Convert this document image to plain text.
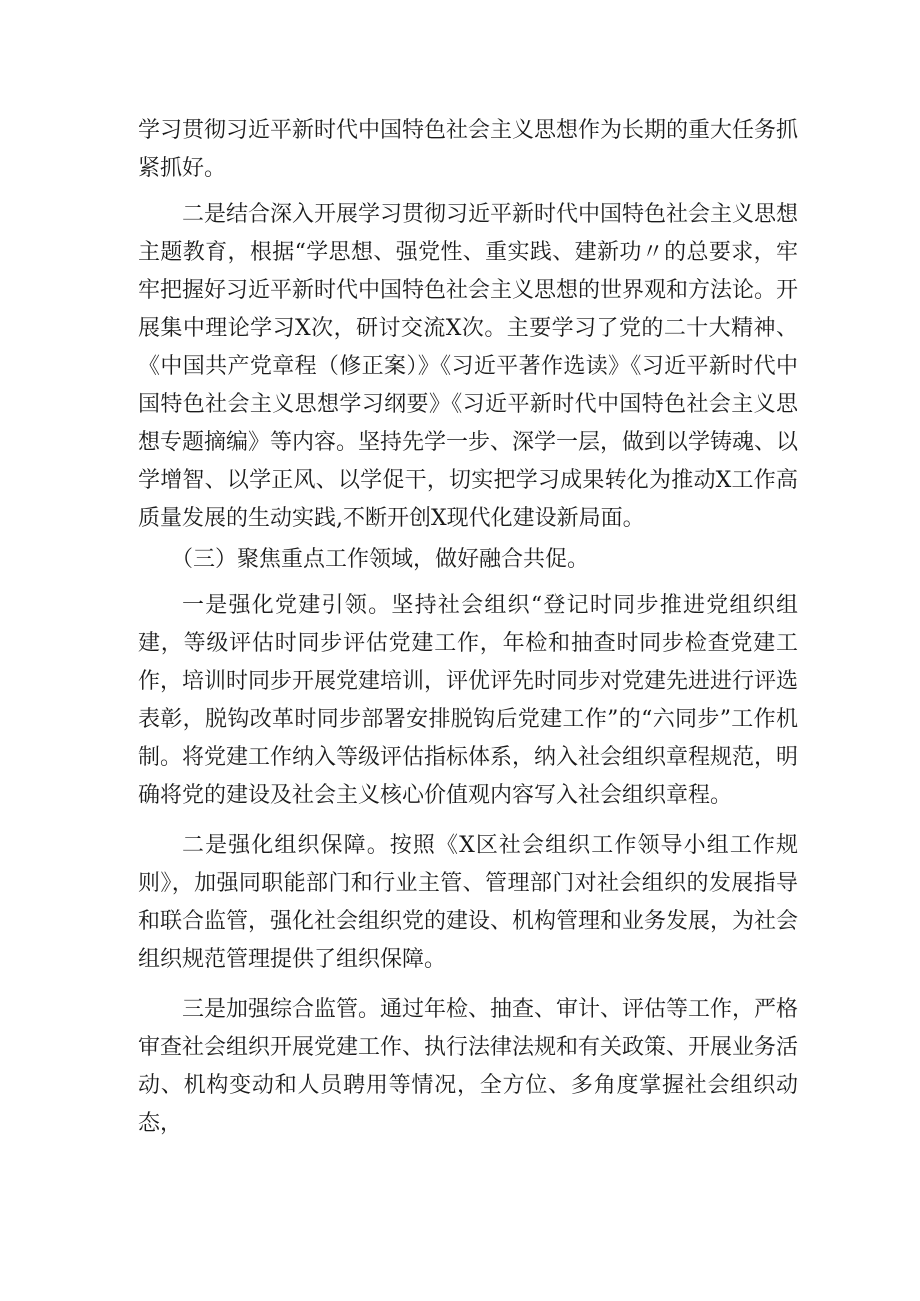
学习贯彻习近平新时代中国特色社会主义思想作为长期的重大任务抓紧抓好。

二是结合深入开展学习贯彻习近平新时代中国特色社会主义思想主题教育，根据“学思想、强党性、重实践、建新功〃的总要求，牢牢把握好习近平新时代中国特色社会主义思想的世界观和方法论。开展集中理论学习X次，研讨交流X次。主要学习了党的二十大精神、《中国共产党章程（修正案）》《习近平著作选读》《习近平新时代中国特色社会主义思想学习纲要》《习近平新时代中国特色社会主义思想专题摘编》等内容。坚持先学一步、深学一层，做到以学铸魂、以学增智、以学正风、以学促干，切实把学习成果转化为推动X工作高质量发展的生动实践,不断开创X现代化建设新局面。

（三）聚焦重点工作领域，做好融合共促。

一是强化党建引领。坚持社会组织“登记时同步推进党组织组建，等级评估时同步评估党建工作，年检和抽查时同步检查党建工作，培训时同步开展党建培训，评优评先时同步对党建先进进行评选表彰，脱钩改革时同步部署安排脱钩后党建工作”的“六同步”工作机制。将党建工作纳入等级评估指标体系，纳入社会组织章程规范，明确将党的建设及社会主义核心价值观内容写入社会组织章程。

二是强化组织保障。按照《X区社会组织工作领导小组工作规则》，加强同职能部门和行业主管、管理部门对社会组织的发展指导和联合监管，强化社会组织党的建设、机构管理和业务发展，为社会组织规范管理提供了组织保障。

三是加强综合监管。通过年检、抽查、审计、评估等工作，严格审查社会组织开展党建工作、执行法律法规和有关政策、开展业务活动、机构变动和人员聘用等情况，全方位、多角度掌握社会组织动态，
